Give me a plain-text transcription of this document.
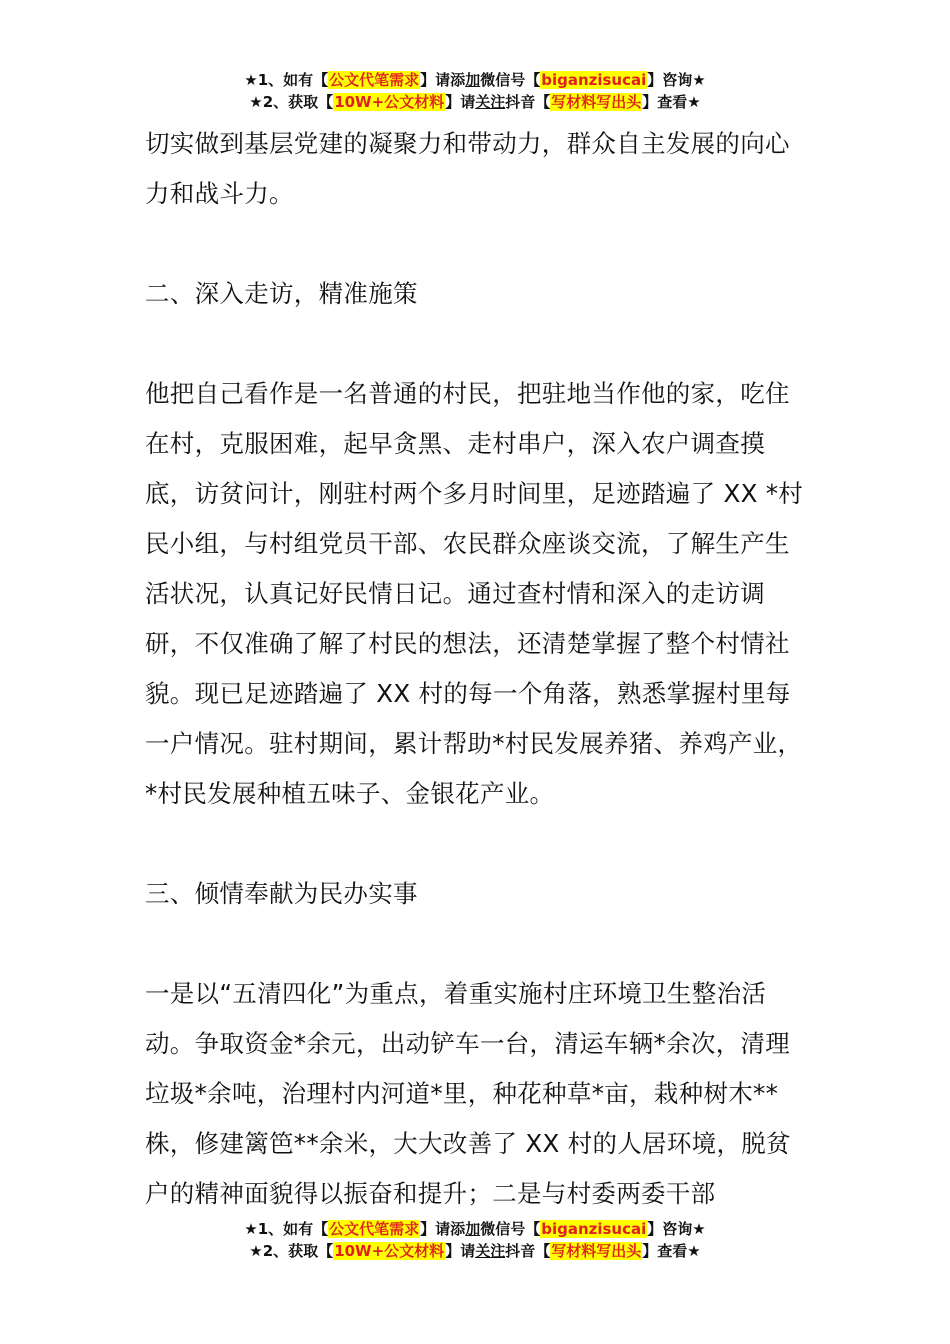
★1、如有【公文代笔需求】请添加微信号【biganzisucai】咨询★
★2、获取【10W+公文材料】请关注抖音【写材料写出头】查看★

切实做到基层党建的凝聚力和带动力，群众自主发展的向心力和战斗力。

二、深入走访，精准施策

他把自己看作是一名普通的村民，把驻地当作他的家，吃住在村，克服困难，起早贪黑、走村串户，深入农户调查摸底，访贫问计，刚驻村两个多月时间里，足迹踏遍了 XX *村民小组，与村组党员干部、农民群众座谈交流，了解生产生活状况，认真记好民情日记。通过查村情和深入的走访调研，不仅准确了解了村民的想法，还清楚掌握了整个村情社貌。现已足迹踏遍了 XX 村的每一个角落，熟悉掌握村里每一户情况。驻村期间，累计帮助*村民发展养猪、养鸡产业，*村民发展种植五味子、金银花产业。

三、倾情奉献为民办实事

一是以“五清四化”为重点，着重实施村庄环境卫生整治活动。争取资金*余元，出动铲车一台，清运车辆*余次，清理垃圾*余吨，治理村内河道*里，种花种草*亩，栽种树木**株，修建篱笆**余米，大大改善了 XX 村的人居环境，脱贫户的精神面貌得以振奋和提升；二是与村委两委干部

★1、如有【公文代笔需求】请添加微信号【biganzisucai】咨询★
★2、获取【10W+公文材料】请关注抖音【写材料写出头】查看★
